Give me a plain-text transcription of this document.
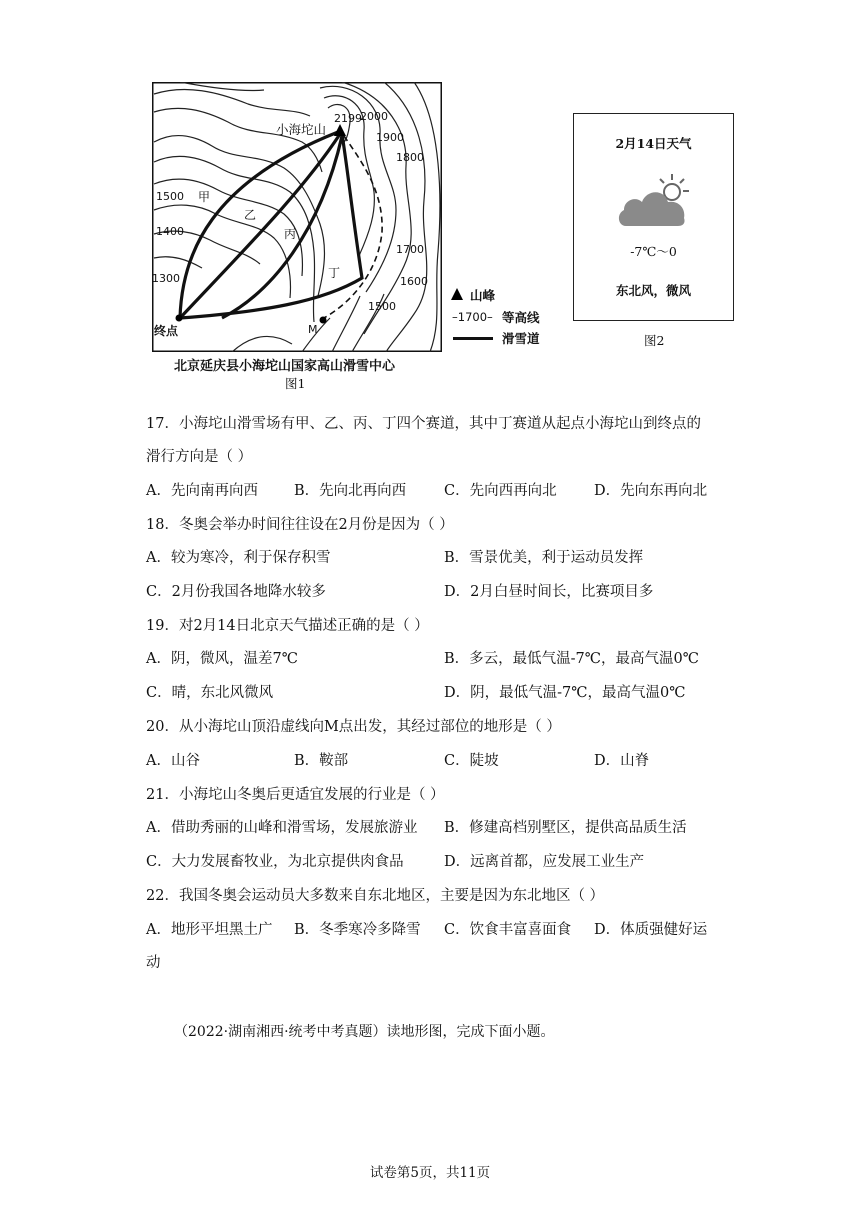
小海坨山
2199
2000
1900
1800
1700
1600
1500
1500
1400
1300
甲
乙
丙
丁
终点	M
山峰
–1700– 等高线
滑雪道
北京延庆县小海坨山国家高山滑雪中心
图1
2月14日天气
-7℃～0
东北风，微风
图2
17．小海坨山滑雪场有甲、乙、丙、丁四个赛道，其中丁赛道从起点小海坨山到终点的
滑行方向是（ ）
A．先向南再向西 B．先向北再向西	C．先向西再向北	D．先向东再向北
18．冬奥会举办时间往往设在2月份是因为（ ）
A．较为寒冷，利于保存积雪	B．雪景优美，利于运动员发挥
C．2月份我国各地降水较多	D．2月白昼时间长，比赛项目多
19．对2月14日北京天气描述正确的是（ ）
A．阴，微风，温差7℃	B．多云，最低气温-7℃，最高气温0℃
C．晴，东北风微风	D．阴，最低气温-7℃，最高气温0℃
20．从小海坨山顶沿虚线向M点出发，其经过部位的地形是（ ）
A．山谷	B．鞍部	C．陡坡	D．山脊
21．小海坨山冬奥后更适宜发展的行业是（ ）
A．借助秀丽的山峰和滑雪场，发展旅游业 B．修建高档别墅区，提供高品质生活
C．大力发展畜牧业，为北京提供肉食品	D．远离首都，应发展工业生产
22．我国冬奥会运动员大多数来自东北地区，主要是因为东北地区（ ）
A．地形平坦黑土广 B．冬季寒冷多降雪 C．饮食丰富喜面食 D．体质强健好运
动
（2022·湖南湘西·统考中考真题）读地形图，完成下面小题。
试卷第5页，共11页
